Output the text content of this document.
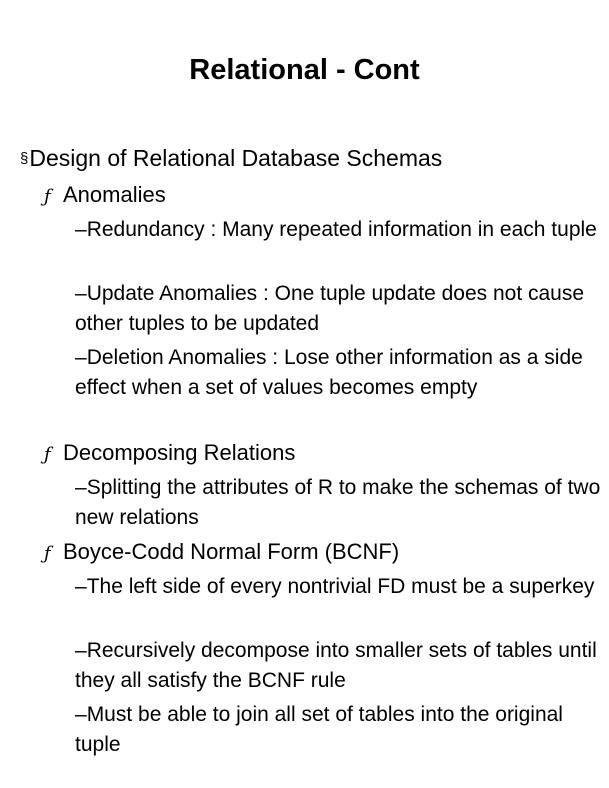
Relational - Cont
§Design of Relational Database Schemas
ƒ Anomalies
–Redundancy : Many repeated information in each tuple
–Update Anomalies : One tuple update does not cause other tuples to be updated
–Deletion Anomalies : Lose other information as a side effect when a set of values becomes empty
ƒ Decomposing Relations
–Splitting the attributes of R to make the schemas of two new relations
ƒ Boyce-Codd Normal Form (BCNF)
–The left side of every nontrivial FD must be a superkey
–Recursively decompose into smaller sets of tables until they all satisfy the BCNF rule
–Must be able to join all set of tables into the original tuple
